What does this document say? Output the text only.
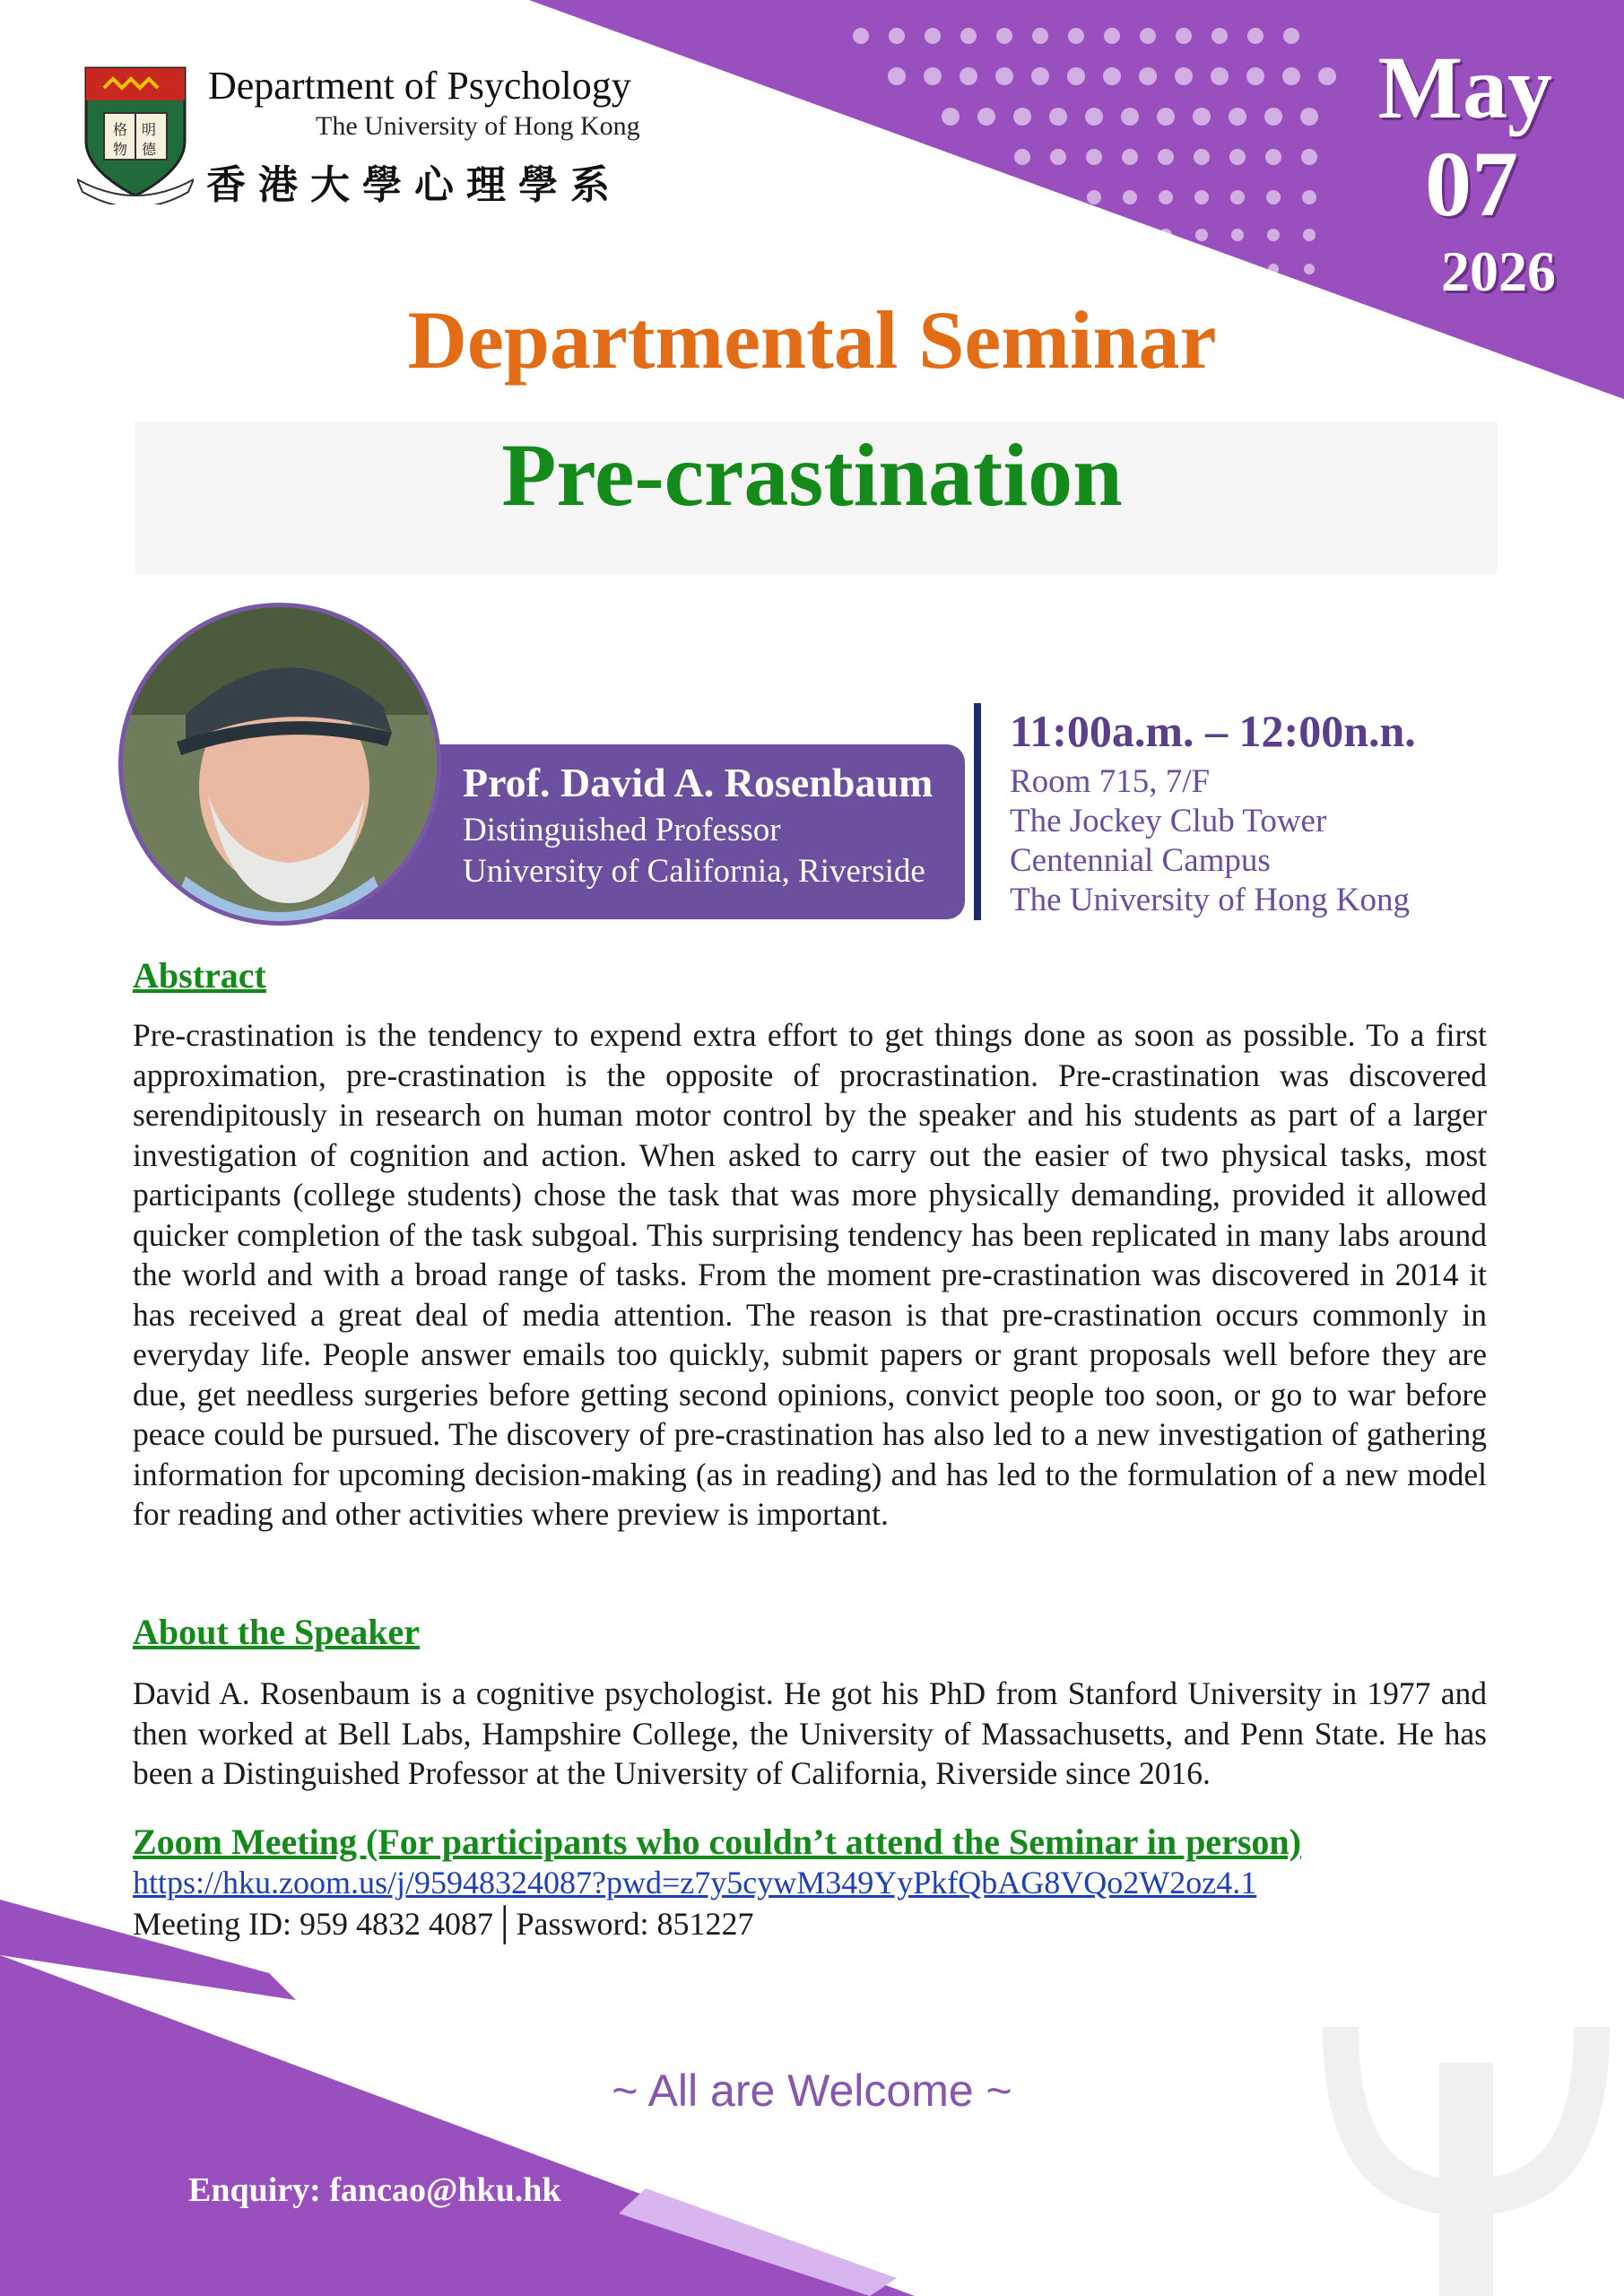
格 明
物 德
Department of Psychology
The University of Hong Kong
香港大學心理學系
May
07
2026
Departmental Seminar
Pre-crastination
Prof. David A. Rosenbaum
Distinguished Professor
University of California, Riverside
11:00a.m. – 12:00n.n.
Room 715, 7/F
The Jockey Club Tower
Centennial Campus
The University of Hong Kong
Abstract
Pre-crastination is the tendency to expend extra effort to get things done as soon as possible. To a first approximation, pre-crastination is the opposite of procrastination. Pre-crastination was discovered serendipitously in research on human motor control by the speaker and his students as part of a larger investigation of cognition and action. When asked to carry out the easier of two physical tasks, most participants (college students) chose the task that was more physically demanding, provided it allowed quicker completion of the task subgoal. This surprising tendency has been replicated in many labs around the world and with a broad range of tasks. From the moment pre-crastination was discovered in 2014 it has received a great deal of media attention. The reason is that pre-crastination occurs commonly in everyday life. People answer emails too quickly, submit papers or grant proposals well before they are due, get needless surgeries before getting second opinions, convict people too soon, or go to war before peace could be pursued. The discovery of pre-crastination has also led to a new investigation of gathering information for upcoming decision-making (as in reading) and has led to the formulation of a new model for reading and other activities where preview is important.
About the Speaker
David A. Rosenbaum is a cognitive psychologist. He got his PhD from Stanford University in 1977 and then worked at Bell Labs, Hampshire College, the University of Massachusetts, and Penn State. He has been a Distinguished Professor at the University of California, Riverside since 2016.
Zoom Meeting (For participants who couldn’t attend the Seminar in person)
https://hku.zoom.us/j/95948324087?pwd=z7y5cywM349YyPkfQbAG8VQo2W2oz4.1
Meeting ID: 959 4832 4087│Password: 851227
~ All are Welcome ~
Enquiry: fancao@hku.hk
